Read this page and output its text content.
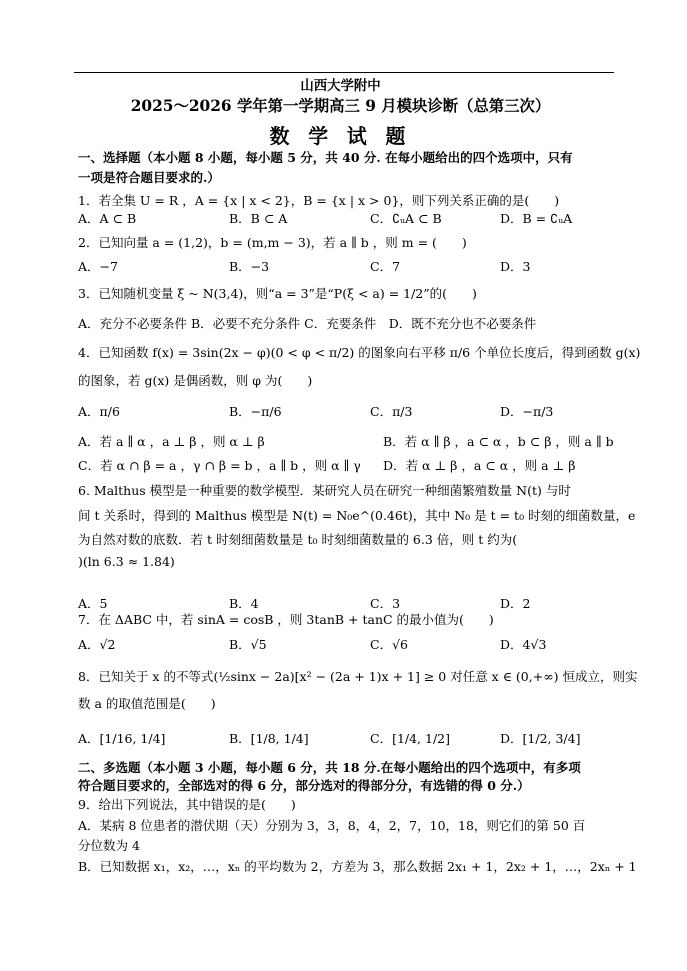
山西大学附中
2025～2026 学年第一学期高三 9 月模块诊断（总第三次）
数 学 试 题
一、选择题（本小题 8 小题，每小题 5 分，共 40 分. 在每小题给出的四个选项中，只有
一项是符合题目要求的.）
1．若全集 U = R ，A = {x | x < 2}，B = {x | x > 0}，则下列关系正确的是(　　)
A．A ⊂ B	B．B ⊂ A	C．∁ᵤA ⊂ B	D．B = ∁ᵤA
2．已知向量 a = (1,2)，b = (m,m − 3)，若 a ∥ b ，则 m = (　　)
A．−7	B．−3	C．7	D．3
3．已知随机变量 ξ ~ N(3,4)，则“a = 3”是“P(ξ < a) = 1/2”的(　　)
A．充分不必要条件 B．必要不充分条件 C．充要条件　D．既不充分也不必要条件
4．已知函数 f(x) = 3sin(2x − φ)(0 < φ < π/2) 的图象向右平移 π/6 个单位长度后，得到函数 g(x)
的图象，若 g(x) 是偶函数，则 φ 为(　　)
A．π/6	B．−π/6	C．π/3	D．−π/3
A．若 a ∥ α ，a ⊥ β ，则 α ⊥ β	B．若 α ∥ β ，a ⊂ α ，b ⊂ β ，则 a ∥ b
C．若 α ∩ β = a ，γ ∩ β = b ，a ∥ b ，则 α ∥ γ D．若 α ⊥ β ，a ⊂ α ，则 a ⊥ β
6. Malthus 模型是一种重要的数学模型．某研究人员在研究一种细菌繁殖数量 N(t) 与时
间 t 关系时，得到的 Malthus 模型是 N(t) = N₀e^(0.46t)，其中 N₀ 是 t = t₀ 时刻的细菌数量，e
为自然对数的底数．若 t 时刻细菌数量是 t₀ 时刻细菌数量的 6.3 倍，则 t 约为(
)(ln 6.3 ≈ 1.84)
A．5	B．4	C．3	D．2
7．在 ΔABC 中，若 sinA = cosB ，则 3tanB + tanC 的最小值为(　　)
A．√2	B．√5	C．√6	D．4√3
8．已知关于 x 的不等式(½sinx − 2a)[x² − (2a + 1)x + 1] ≥ 0 对任意 x ∈ (0,+∞) 恒成立，则实
数 a 的取值范围是(　　)
A．[1/16, 1/4]	B．[1/8, 1/4]	C．[1/4, 1/2]	D．[1/2, 3/4]
二、多选题（本小题 3 小题，每小题 6 分，共 18 分.在每小题给出的四个选项中，有多项
符合题目要求的，全部选对的得 6 分，部分选对的得部分分，有选错的得 0 分.）
9．给出下列说法，其中错误的是(　　)
A．某病 8 位患者的潜伏期（天）分别为 3，3，8，4，2，7，10，18，则它们的第 50 百
分位数为 4
B．已知数据 x₁，x₂，…，xₙ 的平均数为 2，方差为 3，那么数据 2x₁ + 1，2x₂ + 1，…，2xₙ + 1
